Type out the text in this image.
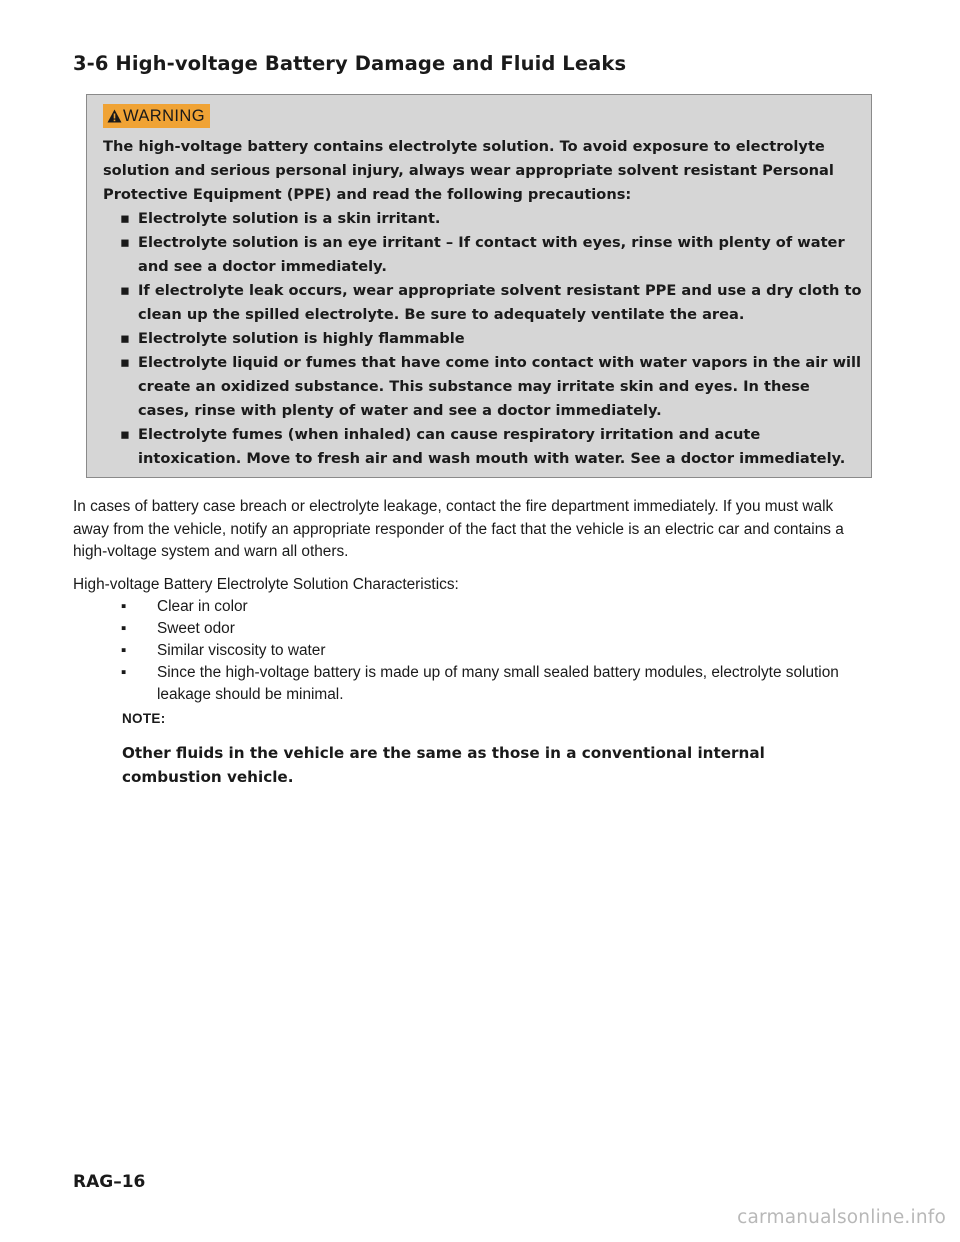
3-6 High-voltage Battery Damage and Fluid Leaks
WARNING

The high-voltage battery contains electrolyte solution. To avoid exposure to electrolyte solution and serious personal injury, always wear appropriate solvent resistant Personal Protective Equipment (PPE) and read the following precautions:

▪ Electrolyte solution is a skin irritant.
▪ Electrolyte solution is an eye irritant – If contact with eyes, rinse with plenty of water and see a doctor immediately.
▪ If electrolyte leak occurs, wear appropriate solvent resistant PPE and use a dry cloth to clean up the spilled electrolyte. Be sure to adequately ventilate the area.
▪ Electrolyte solution is highly flammable
▪ Electrolyte liquid or fumes that have come into contact with water vapors in the air will create an oxidized substance. This substance may irritate skin and eyes. In these cases, rinse with plenty of water and see a doctor immediately.
▪ Electrolyte fumes (when inhaled) can cause respiratory irritation and acute intoxication. Move to fresh air and wash mouth with water. See a doctor immediately.

In cases of battery case breach or electrolyte leakage, contact the fire department immediately. If you must walk away from the vehicle, notify an appropriate responder of the fact that the vehicle is an electric car and contains a high-voltage system and warn all others.

High-voltage Battery Electrolyte Solution Characteristics:

▪ Clear in color
▪ Sweet odor
▪ Similar viscosity to water
▪ Since the high-voltage battery is made up of many small sealed battery modules, electrolyte solution leakage should be minimal.
NOTE:

Other fluids in the vehicle are the same as those in a conventional internal combustion vehicle.

RAG–16
carmanualsonline.info
